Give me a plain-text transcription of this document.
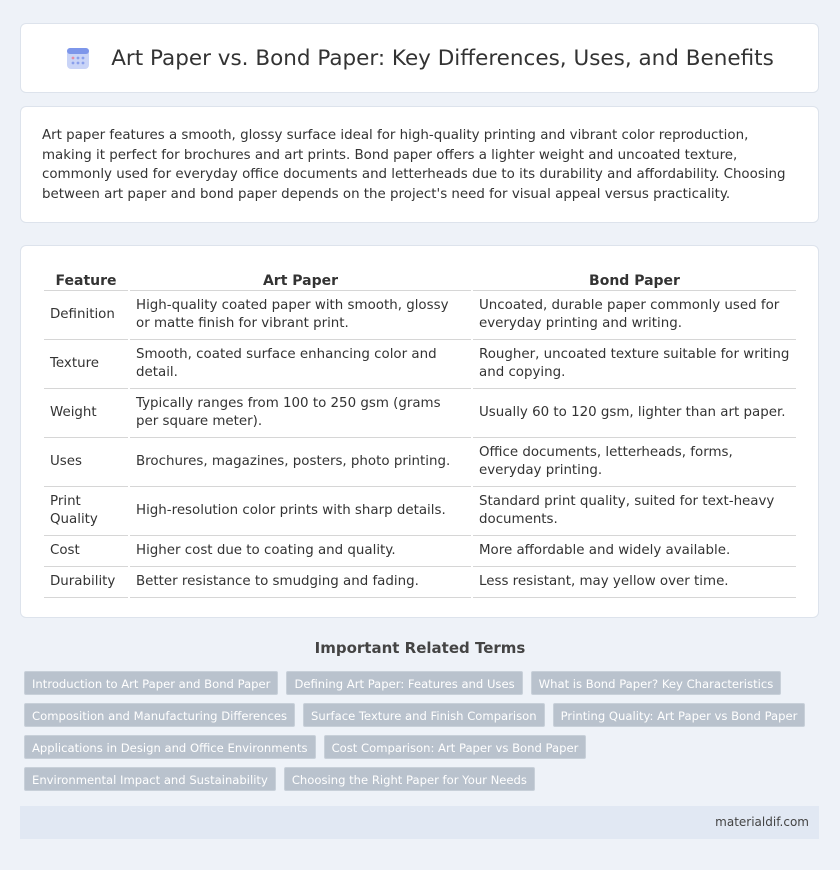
Art Paper vs. Bond Paper: Key Differences, Uses, and Benefits

Art paper features a smooth, glossy surface ideal for high-quality printing and vibrant color reproduction, making it perfect for brochures and art prints. Bond paper offers a lighter weight and uncoated texture, commonly used for everyday office documents and letterheads due to its durability and affordability. Choosing between art paper and bond paper depends on the project's need for visual appeal versus practicality.

Feature	Art Paper	Bond Paper
Definition	High-quality coated paper with smooth, glossy or matte finish for vibrant print.	Uncoated, durable paper commonly used for everyday printing and writing.
Texture	Smooth, coated surface enhancing color and detail.	Rougher, uncoated texture suitable for writing and copying.
Weight	Typically ranges from 100 to 250 gsm (grams per square meter).	Usually 60 to 120 gsm, lighter than art paper.
Uses	Brochures, magazines, posters, photo printing.	Office documents, letterheads, forms, everyday printing.
Print Quality	High-resolution color prints with sharp details.	Standard print quality, suited for text-heavy documents.
Cost	Higher cost due to coating and quality.	More affordable and widely available.
Durability	Better resistance to smudging and fading.	Less resistant, may yellow over time.
Important Related Terms
Introduction to Art Paper and Bond Paper	Defining Art Paper: Features and Uses	What is Bond Paper? Key Characteristics
Composition and Manufacturing Differences	Surface Texture and Finish Comparison	Printing Quality: Art Paper vs Bond Paper
Applications in Design and Office Environments	Cost Comparison: Art Paper vs Bond Paper
Environmental Impact and Sustainability	Choosing the Right Paper for Your Needs
materialdif.com
